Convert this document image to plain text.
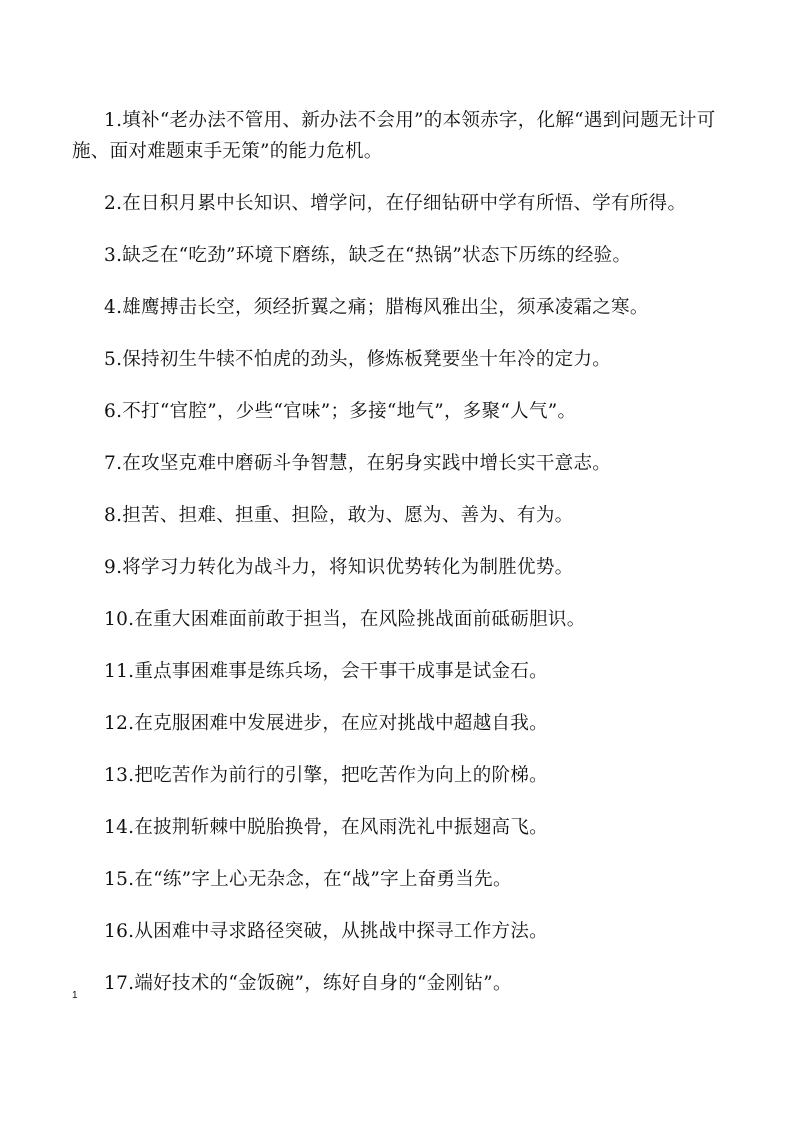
1.填补“老办法不管用、新办法不会用”的本领赤字，化解“遇到问题无计可施、面对难题束手无策”的能力危机。

2.在日积月累中长知识、增学问，在仔细钻研中学有所悟、学有所得。

3.缺乏在“吃劲”环境下磨练，缺乏在“热锅”状态下历练的经验。

4.雄鹰搏击长空，须经折翼之痛；腊梅风雅出尘，须承凌霜之寒。

5.保持初生牛犊不怕虎的劲头，修炼板凳要坐十年冷的定力。

6.不打“官腔”，少些“官味”；多接“地气”，多聚“人气”。

7.在攻坚克难中磨砺斗争智慧，在躬身实践中增长实干意志。

8.担苦、担难、担重、担险，敢为、愿为、善为、有为。

9.将学习力转化为战斗力，将知识优势转化为制胜优势。

10.在重大困难面前敢于担当，在风险挑战面前砥砺胆识。

11.重点事困难事是练兵场，会干事干成事是试金石。

12.在克服困难中发展进步，在应对挑战中超越自我。

13.把吃苦作为前行的引擎，把吃苦作为向上的阶梯。

14.在披荆斩棘中脱胎换骨，在风雨洗礼中振翅高飞。

15.在“练”字上心无杂念，在“战”字上奋勇当先。

16.从困难中寻求路径突破，从挑战中探寻工作方法。

17.端好技术的“金饭碗”，练好自身的“金刚钻”。

1
